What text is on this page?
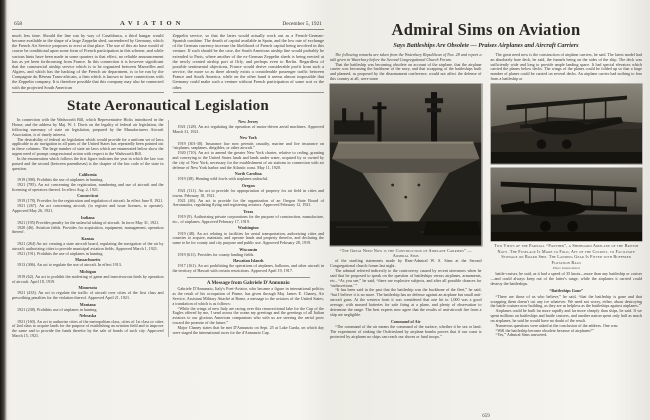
658	AVIATION	December 5, 1921
much less time. Should the line run by way of Casablanca, a third hangar would become available in the shape of a large Zeppelin shed, surrendered by Germany, which the French Air Service proposes to erect at that place. The use of this air base would of course be conditional upon some form of French participation in this scheme, and while various hints have been made in some quarters to that effect, no reliable announcement has as yet been forthcoming from France. In this connection it is however significant that the commercial airship service which is to be organized between Marseilles and Algiers, and which has the backing of the French air department, is to be run by the Compagnie du Réseau Trans-africain, a firm which is known to have connections with the Zeppelin company. It is therefore possible that this company may also be connected with the projected South American
Zeppelin service, so that the latter would actually work out as a French-German-Spanish combine. The dearth of capital available in Spain, and the low rate of exchange of the German currency increase the likelihood of French capital being involved in this venture. If such should be the case, the South American airship line would probably be extended to Paris, where another of the ex-German Zeppelin sheds is being erected at the newly created airship port at Orly, and perhaps even to Berlin. Regardless of possible sentimental objections, France would derive considerable profit from such a service, the more so as there already exists a considerable passenger traffic between France and South America, while on the other hand it seems almost impossible that Germany could make such a venture without French participation of some sort or the other.
State Aeronautical Legislation
In connection with the Wadsworth Bill, which Representative Hicks introduced in the House, and the address by Maj. W. J. Davis on the legality of federal air legislation, the following summary of state air legislation, prepared by the Manufacturers Aircraft Association, is of timely interest.
The desirability of federal air legislation which would provide for a uniform set of laws applicable to air navigation in all parts of the United States has repeatedly been pointed out in these columns. The large number of state air laws which are enumerated below show the urgent need of prompt congressional action with respect to the Wadsworth Bill.
In the enumeration which follows the first figure indicates the year in which the law was passed and the second (between parentheses) is the chapter of the law code of the state in question.
California
1919 (398). Prohibits the use of airplanes in hunting.
1921 (785). An act concerning the registration, numbering and use of aircraft and the licensing of operators thereof. In effect Aug. 2, 1921.
Connecticut
1919 (178). Provides for the registration and regulation of aircraft. In effect June 8, 1921.
1921 (267). An act concerning aircraft, (to register and issue licenses, to operate). Approved May 26, 1921.
Indiana
1921 (195) Provides penalty for the unlawful taking of aircraft. In force May 31, 1921.
1920 (46). Aviation fields. Provides for acquisition, equipment, management, operation thereof.
Kansas
1921 (264) An act creating a state aircraft board, regulating the navigation of the air by aircraft; authorizing cities to provide municipal aviation fields. Approved March 1, 1921.
1921 (191). Prohibits the use of airplanes in hunting.
Massachusetts
1913 (306). An act to regulate the use of aircraft. In effect 1913.
Michigan
1919 (62). An act to prohibit the molesting of game and insectivorous birds by operation of aircraft. April 18, 1919.
Minnesota
1921 (433). An act to regulate the traffic of aircraft over cities of the first class and prescribing penalties for the violation thereof. Approved April 21, 1921.
Montana
1921 (238). Prohibits use of airplanes in hunting.
Nebraska
1921 (160). An act to authorize cities of the metropolitan class, cities of 1st class or cities of 2nd class to acquire lands for the purpose of establishing an aviation field and to improve the same and to provide the funds therefor by the sale of bonds of such city. Approved March 15, 1921.
New Jersey
1921 (128). An act regulating the operation of motor-driven aerial machines. Approved March 31, 1921.
New York
1919 (301-30). Insurance law now permits casualty, marine and fire insurance on “airplanes, seaplanes, dirigibles, or other aircraft.”
1920 (710). An act to amend the greater New York charter, relative to ceding, granting and conveying to the United States lands and lands under water, acquired by or owned by the city of New York, necessary for the establishment of air stations in connection with air defense of New York harbor and the Atlantic coast. May 11, 1920.
North Carolina
1919 (38). Hunting wild fowls with airplanes unlawful.
Oregon
1921 (111). An act to provide for appropriation of property for air field in cities and towns. February 18, 1921.
1921 (46). An act to provide for the organization of an Oregon State Board of Aeronautics, regulating flying and registering aviators. Approved February 12, 1921.
Texas
1919 (9). Authorizing private corporations for the purpose of construction, manufacture, etc., of airplanes. Approved February 17, 1919.
Washington
1919 (48). An act relating to facilities for aerial transportation, authorizing cities and counties to acquire, maintain, and operate lands and property therefor, and declaring the same to be for county and city purpose and public use. Approved February 28, 1919.
Wisconsin
1919 (611). Provides for county landing fields.
Hawaiian Islands
1917 (161). An act prohibiting the operations of airplanes, balloons, and other aircraft in the territory of Hawaii with certain restrictions. Approved April 19, 1917.
A Message from Gabriele D'Annunzio
Gabriele D'Annunzio, Italy's Poet-Aviator, who became a figure in international politics as the result of his occupation of Fiume, has given through Maj. James E. Chaney, Air Service, Assistant Military Attaché at Rome, a message to the aviators of the United States, a translation of which is as follows:
“While the wings of new Italy are racing over this resurrectional lake for the Cup of the Eagles offered by me, I send across the ocean my greetings and the greetings of all Italian aviators to our glorious American companions who with us are steering the aerial prow toward the promise of the future.”
Major Chaney states that he met D'Annunzio on Sept. 25 at Lake Garda, on which day were staged the international races for the d'Annunzio Cup.
Admiral Sims on Aviation

Says Battleships Are Obsolete — Praises Airplanes and Aircraft Carriers

The following remarks are taken from the Waterbury Republican of Nov. 28 and report a talk given in Waterbury before the Second Congregational Church Forum.
That the battleship was becoming obsolete on account of the airplane, that the airplane carrier was becoming the backbone of the navy, and that scrapping of the battleships built and planned, as proposed by the disarmament conference, would not affect the defense of this country at all, were some

“The Great Need Now is the Construction of Airplane Carriers” — Admiral Sims

of the startling statements made by Rear-Admiral W. S. Sims at the Second Congregational church forum last night.
The admiral referred indirectly to the controversy caused by recent utterances when he said that he proposed to speak on the question of battleships versus airplanes, armaments, etc., “As you see,” he said, “there are explosive subjects, and after all possible chances for ‘indiscretions.’ ”
“It has been said in the past that the battleship was the backbone of the fleet,” he said, “but I believe it is no more. The battleship has no defense against an airplane but small anti-aircraft guns. At the western front it was considered that one hit in 1,000 was a good average, with massed batteries for safe firing at a plane, and plenty of observation to determine the range. The best experts now agree that the results of anti-aircraft fire from a ship are negligible.
Command of Air
“The command of the air means the command of the surface, whether it be sea or land. The experiment of sinking the Ostfriesland by airplane bombs proves that if our coast is protected by airplanes no ships can reach our shores or land troops.”
The great need now is the construction of airplane carriers, he said. The latest model had an absolutely bare deck, he said, the funnels being on the sides of the ship. The deck was sufficiently wide and long to provide ample landing space. It had special elevators which carried the planes below decks. The wings of the planes could be folded up so that a large number of planes could be carried on several decks. An airplane carrier had nothing to fear from a battleship or

Two Views of the Parnall “Panther”, a Shipboard Airplane of the British Navy. The Fuselage Is Made to Fold, Aft of the Cockpit, to Facilitate Stowage on Board Ship. The Landing Gear Is Fitted with Buffered Flotation Bags

Photo International

battle-cruiser, he said, as it had a speed of 35 knots—more than any battleship or cruiser—and could always keep out of the latter's range, while the airplanes it carried could destroy the battleships.
“Battleships Gone”
“There are those of us who believe,” he said, “that the battleship is gone and that scrapping them doesn't cut any ice whatever. We need not worry, either, about destroying the battle cruisers now building, as they are as helpless as the battleships against airplanes.”
Airplanes could be built far more rapidly and far more cheaply than ships, he said. If we spent millions on battleships and battle cruisers, and another nation spent only half as much on airplanes, he said he would have no doubt of the result.
Numerous questions were asked at the conclusion of the address. One was:
“Will the battleship become obsolete because of airplanes?”
“Yes,” Admiral Sims answered.
659
